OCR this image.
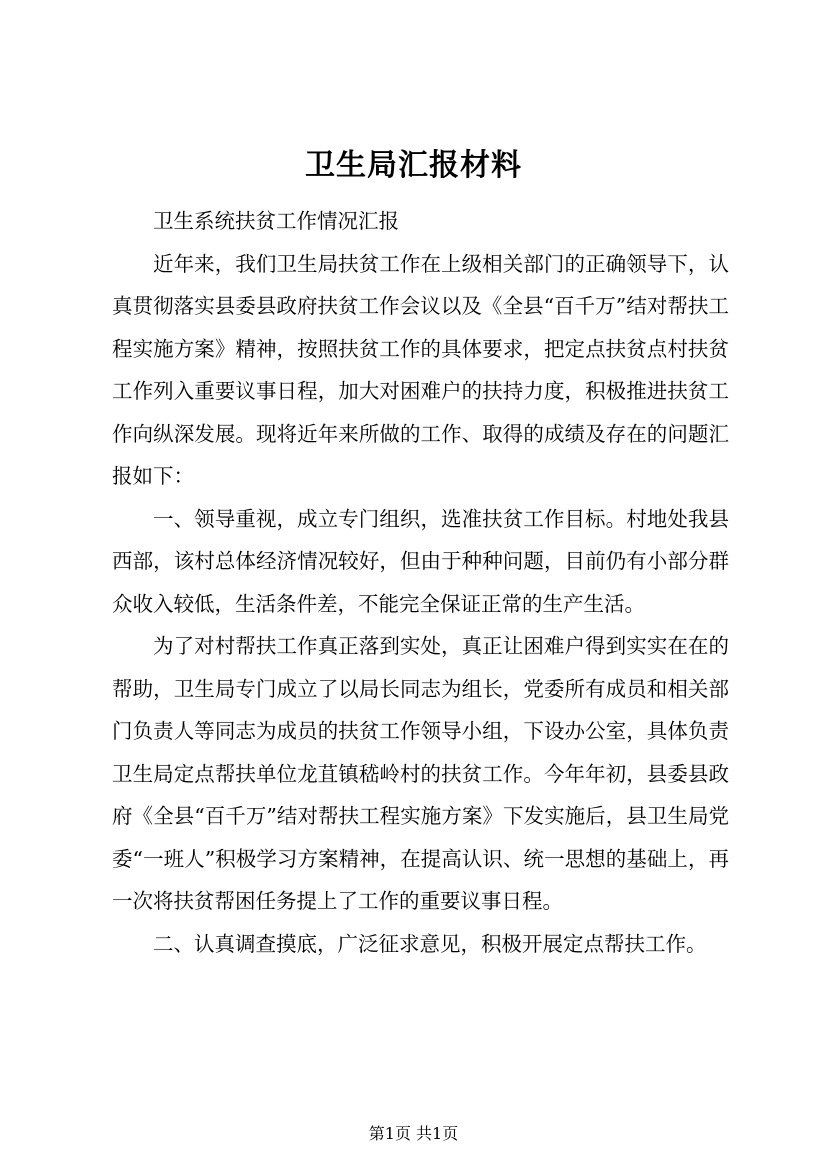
卫生局汇报材料

卫生系统扶贫工作情况汇报

近年来，我们卫生局扶贫工作在上级相关部门的正确领导下，认真贯彻落实县委县政府扶贫工作会议以及《全县“百千万”结对帮扶工程实施方案》精神，按照扶贫工作的具体要求，把定点扶贫点村扶贫工作列入重要议事日程，加大对困难户的扶持力度，积极推进扶贫工作向纵深发展。现将近年来所做的工作、取得的成绩及存在的问题汇报如下：

一、领导重视，成立专门组织，选准扶贫工作目标。村地处我县西部，该村总体经济情况较好，但由于种种问题，目前仍有小部分群众收入较低，生活条件差，不能完全保证正常的生产生活。

为了对村帮扶工作真正落到实处，真正让困难户得到实实在在的帮助，卫生局专门成立了以局长同志为组长，党委所有成员和相关部门负责人等同志为成员的扶贫工作领导小组，下设办公室，具体负责卫生局定点帮扶单位龙苴镇嵇岭村的扶贫工作。今年年初，县委县政府《全县“百千万”结对帮扶工程实施方案》下发实施后，县卫生局党委“一班人”积极学习方案精神，在提高认识、统一思想的基础上，再一次将扶贫帮困任务提上了工作的重要议事日程。

二、认真调查摸底，广泛征求意见，积极开展定点帮扶工作。

第1页 共1页
